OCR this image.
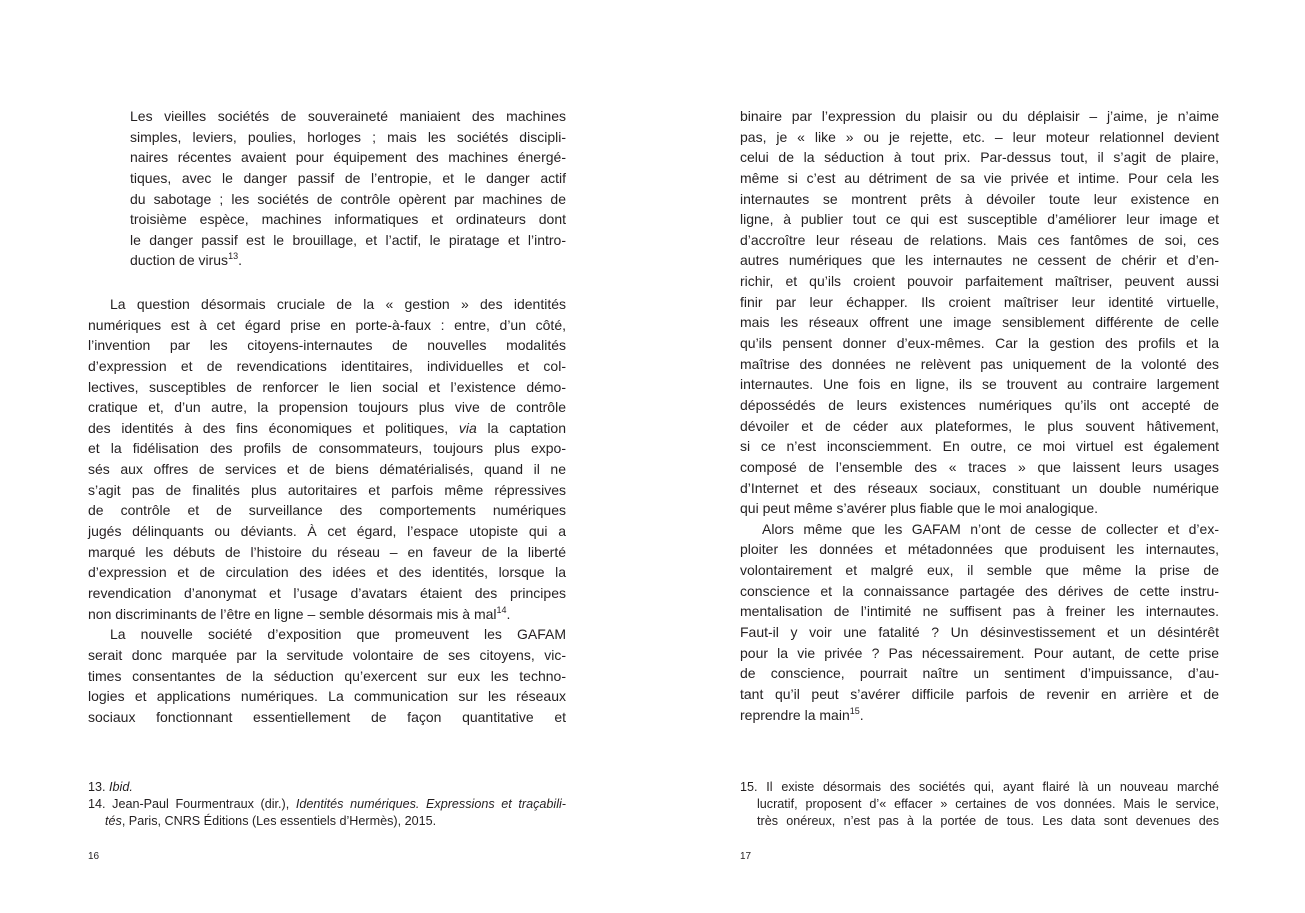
Les vieilles sociétés de souveraineté maniaient des machines
simples, leviers, poulies, horloges ; mais les sociétés discipli-
naires récentes avaient pour équipement des machines énergé-
tiques, avec le danger passif de l’entropie, et le danger actif
du sabotage ; les sociétés de contrôle opèrent par machines de
troisième espèce, machines informatiques et ordinateurs dont
le danger passif est le brouillage, et l’actif, le piratage et l’intro-
duction de virus$^{13}$.
La question désormais cruciale de la « gestion » des identités
numériques est à cet égard prise en porte-à-faux : entre, d’un côté,
l’invention par les citoyens-internautes de nouvelles modalités
d’expression et de revendications identitaires, individuelles et col-
lectives, susceptibles de renforcer le lien social et l’existence démo-
cratique et, d’un autre, la propension toujours plus vive de contrôle
des identités à des fins économiques et politiques, via la captation
et la fidélisation des profils de consommateurs, toujours plus expo-
sés aux offres de services et de biens dématérialisés, quand il ne
s’agit pas de finalités plus autoritaires et parfois même répressives
de contrôle et de surveillance des comportements numériques
jugés délinquants ou déviants. À cet égard, l’espace utopiste qui a
marqué les débuts de l’histoire du réseau – en faveur de la liberté
d’expression et de circulation des idées et des identités, lorsque la
revendication d’anonymat et l’usage d’avatars étaient des principes
non discriminants de l’être en ligne – semble désormais mis à mal$^{14}$.
La nouvelle société d’exposition que promeuvent les GAFAM
serait donc marquée par la servitude volontaire de ses citoyens, vic-
times consentantes de la séduction qu’exercent sur eux les techno-
logies et applications numériques. La communication sur les réseaux
sociaux fonctionnant essentiellement de façon quantitative et
13. Ibid.
14. Jean-Paul Fourmentraux (dir.), Identités numériques. Expressions et traçabili-
tés, Paris, CNRS Éditions (Les essentiels d’Hermès), 2015.
16
binaire par l’expression du plaisir ou du déplaisir – j’aime, je n’aime
pas, je « like » ou je rejette, etc. – leur moteur relationnel devient
celui de la séduction à tout prix. Par-dessus tout, il s’agit de plaire,
même si c’est au détriment de sa vie privée et intime. Pour cela les
internautes se montrent prêts à dévoiler toute leur existence en
ligne, à publier tout ce qui est susceptible d’améliorer leur image et
d’accroître leur réseau de relations. Mais ces fantômes de soi, ces
autres numériques que les internautes ne cessent de chérir et d’en-
richir, et qu’ils croient pouvoir parfaitement maîtriser, peuvent aussi
finir par leur échapper. Ils croient maîtriser leur identité virtuelle,
mais les réseaux offrent une image sensiblement différente de celle
qu’ils pensent donner d’eux-mêmes. Car la gestion des profils et la
maîtrise des données ne relèvent pas uniquement de la volonté des
internautes. Une fois en ligne, ils se trouvent au contraire largement
dépossédés de leurs existences numériques qu’ils ont accepté de
dévoiler et de céder aux plateformes, le plus souvent hâtivement,
si ce n’est inconsciemment. En outre, ce moi virtuel est également
composé de l’ensemble des « traces » que laissent leurs usages
d’Internet et des réseaux sociaux, constituant un double numérique
qui peut même s’avérer plus fiable que le moi analogique.
Alors même que les GAFAM n’ont de cesse de collecter et d’ex-
ploiter les données et métadonnées que produisent les internautes,
volontairement et malgré eux, il semble que même la prise de
conscience et la connaissance partagée des dérives de cette instru-
mentalisation de l’intimité ne suffisent pas à freiner les internautes.
Faut-il y voir une fatalité ? Un désinvestissement et un désintérêt
pour la vie privée ? Pas nécessairement. Pour autant, de cette prise
de conscience, pourrait naître un sentiment d’impuissance, d’au-
tant qu’il peut s’avérer difficile parfois de revenir en arrière et de
reprendre la main$^{15}$.
15. Il existe désormais des sociétés qui, ayant flairé là un nouveau marché
lucratif, proposent d’« effacer » certaines de vos données. Mais le service,
très onéreux, n’est pas à la portée de tous. Les data sont devenues des
17
